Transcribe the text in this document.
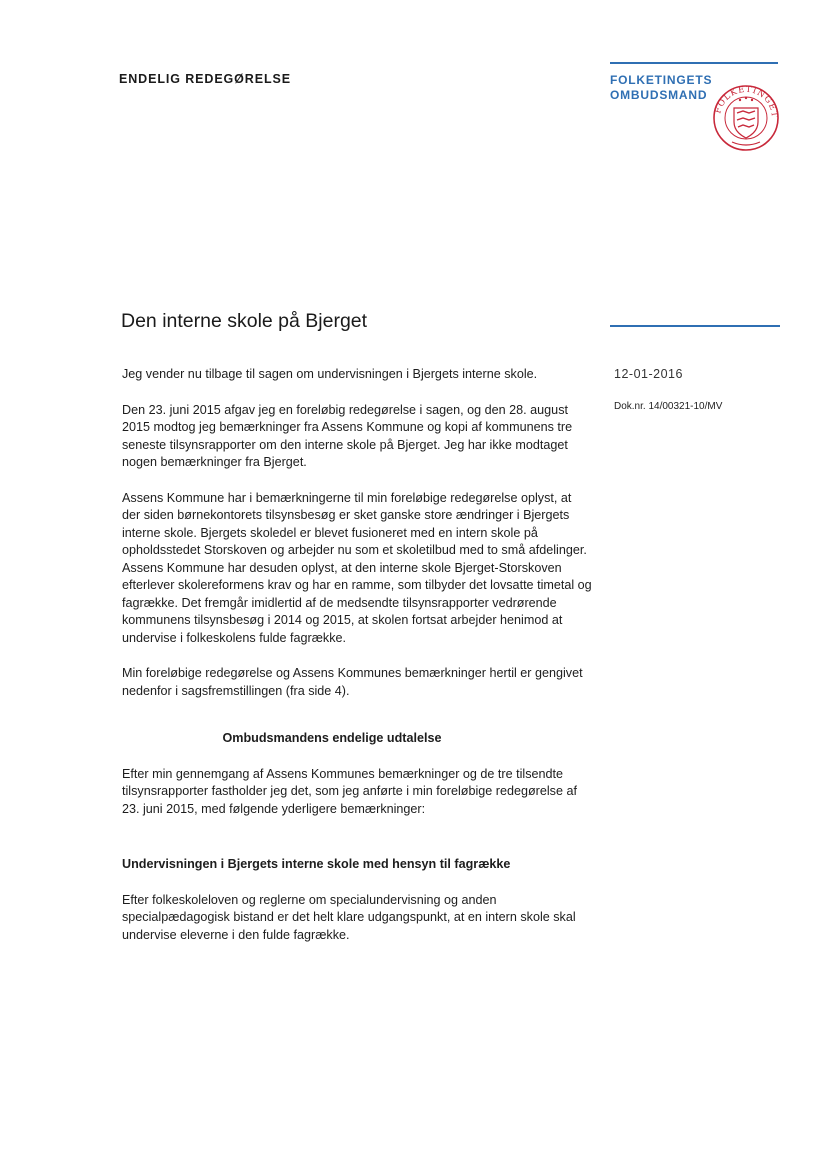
ENDELIG REDEGØRELSE	FOLKETINGETS
OMBUDSMAND
FOLKETINGET
Den interne skole på Bjerget
12-01-2016
Dok.nr. 14/00321-10/MV

Jeg vender nu tilbage til sagen om undervisningen i Bjergets interne skole.

Den 23. juni 2015 afgav jeg en foreløbig redegørelse i sagen, og den 28. august 2015 modtog jeg bemærkninger fra Assens Kommune og kopi af kommunens tre seneste tilsynsrapporter om den interne skole på Bjerget. Jeg har ikke modtaget nogen bemærkninger fra Bjerget.

Assens Kommune har i bemærkningerne til min foreløbige redegørelse oplyst, at der siden børnekontorets tilsynsbesøg er sket ganske store ændringer i Bjergets interne skole. Bjergets skoledel er blevet fusioneret med en intern skole på opholdsstedet Storskoven og arbejder nu som et skoletilbud med to små afdelinger. Assens Kommune har desuden oplyst, at den interne skole Bjerget-Storskoven efterlever skolereformens krav og har en ramme, som tilbyder det lovsatte timetal og fagrække. Det fremgår imidlertid af de medsendte tilsynsrapporter vedrørende kommunens tilsynsbesøg i 2014 og 2015, at skolen fortsat arbejder henimod at undervise i folkeskolens fulde fagrække.

Min foreløbige redegørelse og Assens Kommunes bemærkninger hertil er gengivet nedenfor i sagsfremstillingen (fra side 4).

Ombudsmandens endelige udtalelse

Efter min gennemgang af Assens Kommunes bemærkninger og de tre tilsendte tilsynsrapporter fastholder jeg det, som jeg anførte i min foreløbige redegørelse af 23. juni 2015, med følgende yderligere bemærkninger:

Undervisningen i Bjergets interne skole med hensyn til fagrække

Efter folkeskoleloven og reglerne om specialundervisning og anden specialpædagogisk bistand er det helt klare udgangspunkt, at en intern skole skal undervise eleverne i den fulde fagrække.
